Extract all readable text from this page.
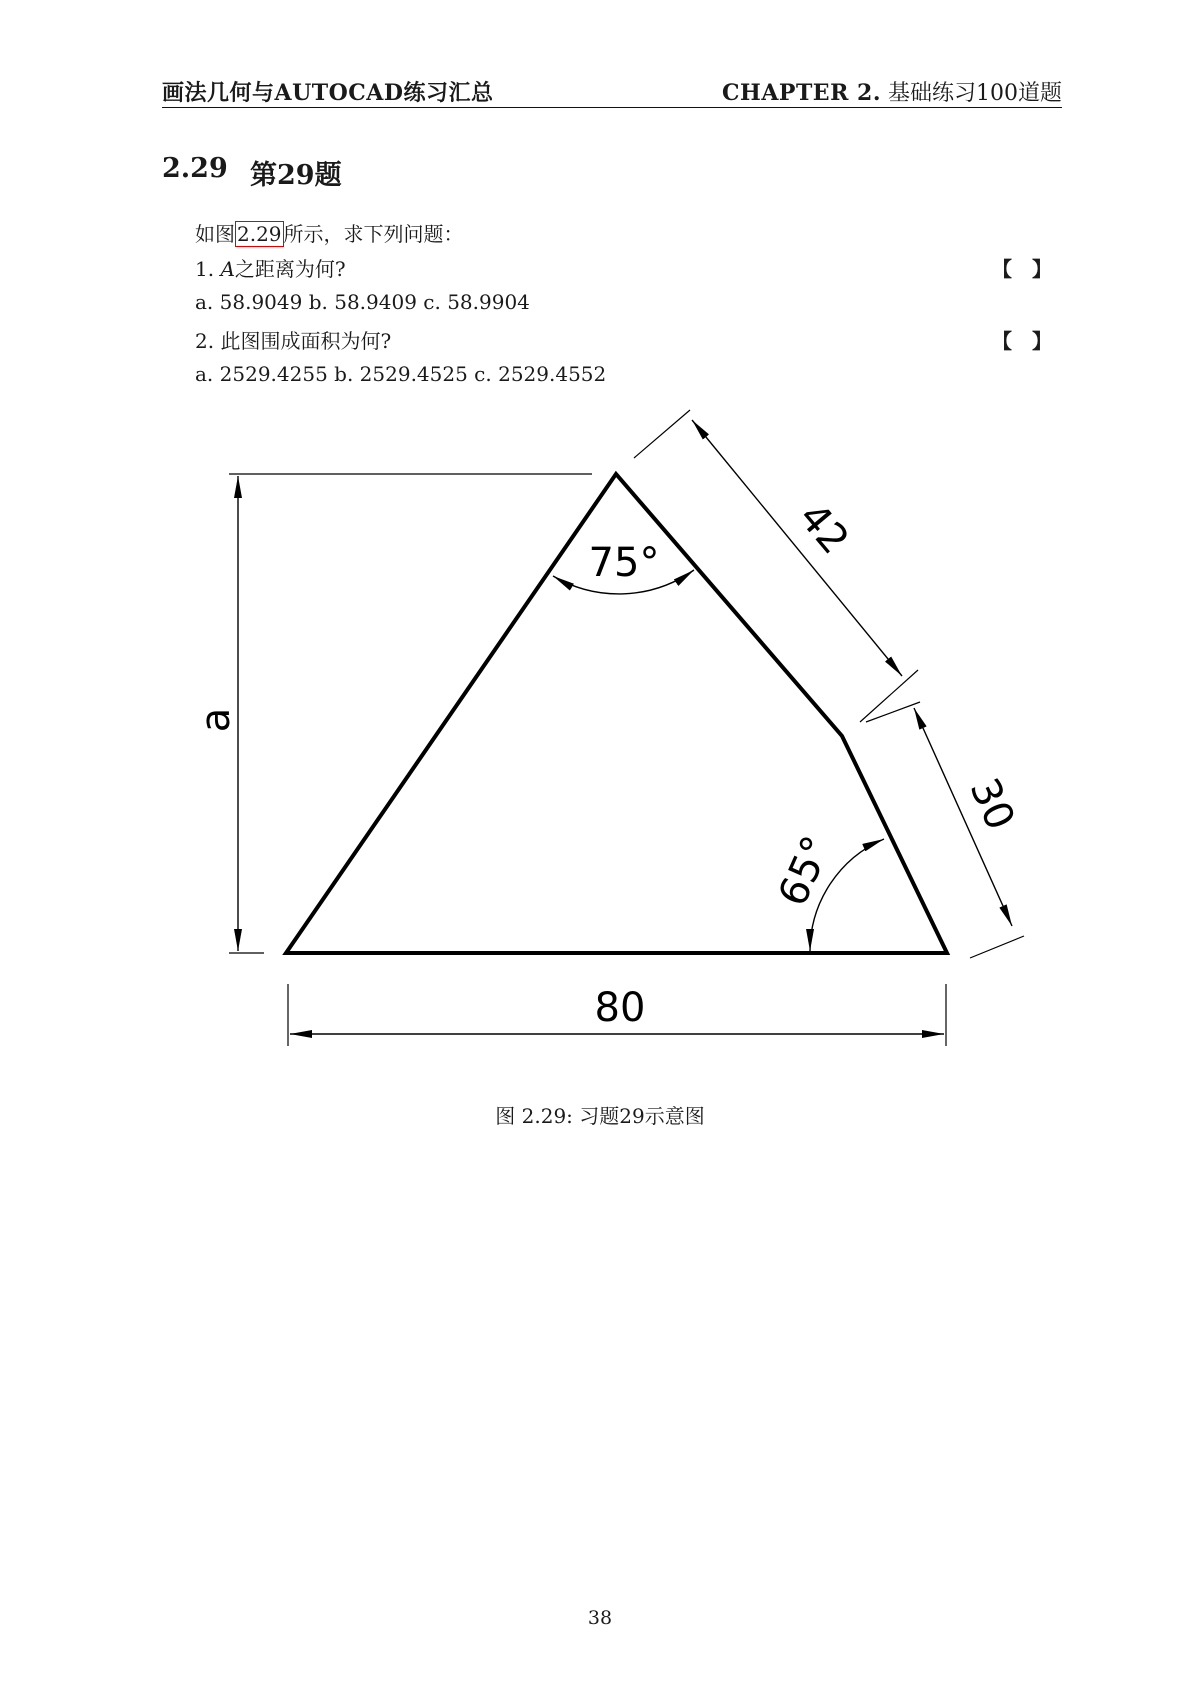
画法几何与AUTOCAD练习汇总	CHAPTER 2. 基础练习100道题
2.29 第29题
如图 2.29 所示，求下列问题：
1. A之距离为何?	【　】
a. 58.9049 b. 58.9409 c. 58.9904
2. 此图围成面积为何?	【　】
a. 2529.4255 b. 2529.4525 c. 2529.4552
a
80
42
30
75°
65°
图 2.29: 习题29示意图
38
